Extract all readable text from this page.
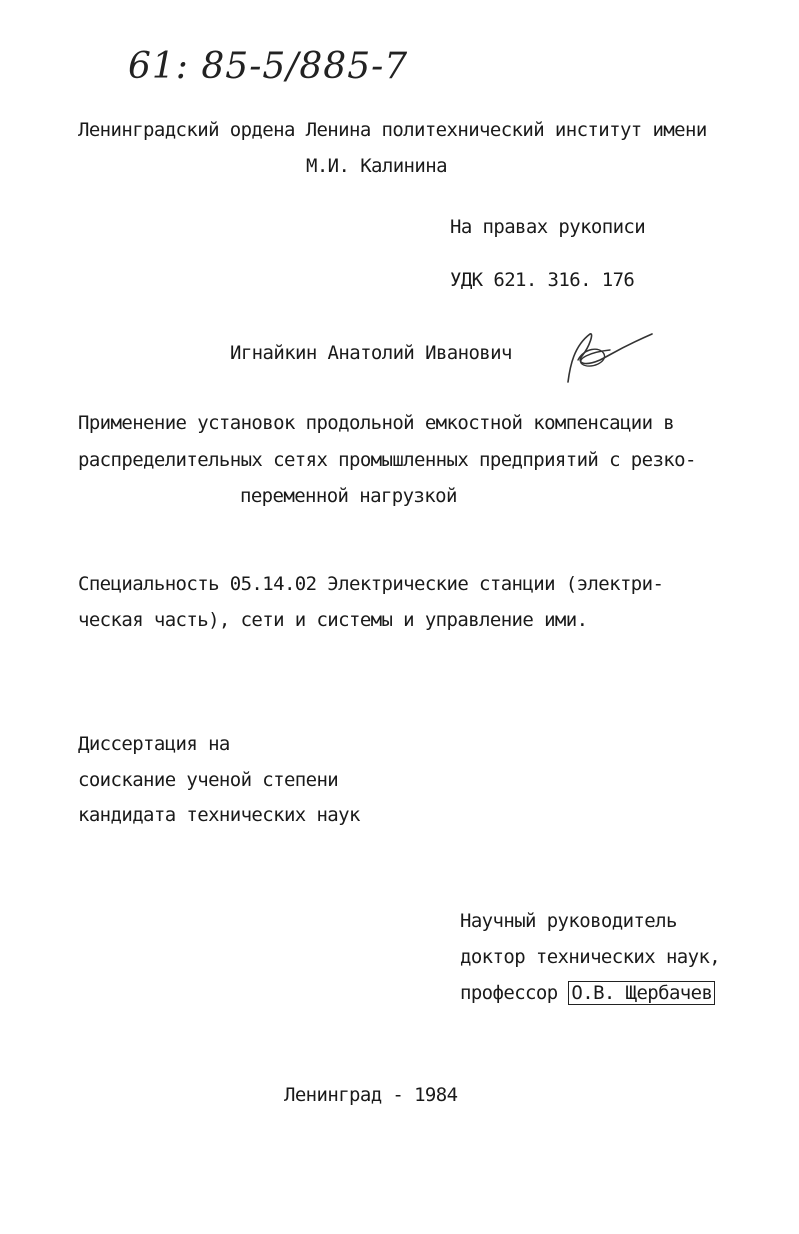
61: 85-5/885-7
Ленинградский ордена Ленина политехнический институт имени
М.И. Калинина
На правах рукописи
УДК 621. 316. 176
Игнайкин Анатолий Иванович
Применение установок продольной емкостной компенсации в
распределительных сетях промышленных предприятий с резко-
переменной нагрузкой
Специальность 05.14.02 Электрические станции (электри-
ческая часть), сети и системы и управление ими.
Диссертация на
соискание ученой степени
кандидата технических наук
Научный руководитель
доктор технических наук,
профессор О.В. Щербачев
Ленинград - 1984
